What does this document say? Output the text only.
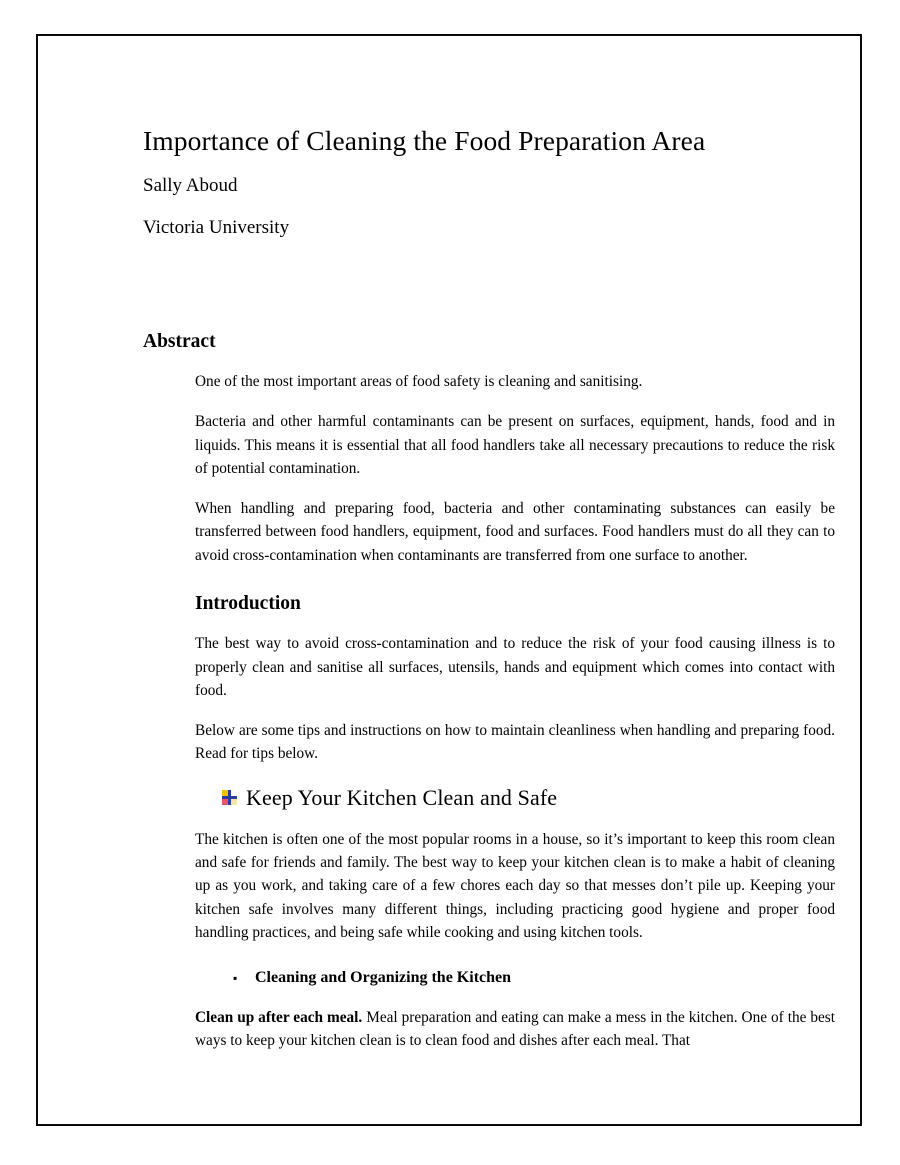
Importance of Cleaning the Food Preparation Area
Sally Aboud
Victoria University
Abstract

One of the most important areas of food safety is cleaning and sanitising.

Bacteria and other harmful contaminants can be present on surfaces, equipment, hands, food and in liquids. This means it is essential that all food handlers take all necessary precautions to reduce the risk of potential contamination.

When handling and preparing food, bacteria and other contaminating substances can easily be transferred between food handlers, equipment, food and surfaces. Food handlers must do all they can to avoid cross-contamination when contaminants are transferred from one surface to another.

Introduction

The best way to avoid cross-contamination and to reduce the risk of your food causing illness is to properly clean and sanitise all surfaces, utensils, hands and equipment which comes into contact with food.

Below are some tips and instructions on how to maintain cleanliness when handling and preparing food. Read for tips below.

Keep Your Kitchen Clean and Safe

The kitchen is often one of the most popular rooms in a house, so it’s important to keep this room clean and safe for friends and family. The best way to keep your kitchen clean is to make a habit of cleaning up as you work, and taking care of a few chores each day so that messes don’t pile up. Keeping your kitchen safe involves many different things, including practicing good hygiene and proper food handling practices, and being safe while cooking and using kitchen tools.

▪	Cleaning and Organizing the Kitchen

Clean up after each meal. Meal preparation and eating can make a mess in the kitchen. One of the best ways to keep your kitchen clean is to clean food and dishes after each meal. That
